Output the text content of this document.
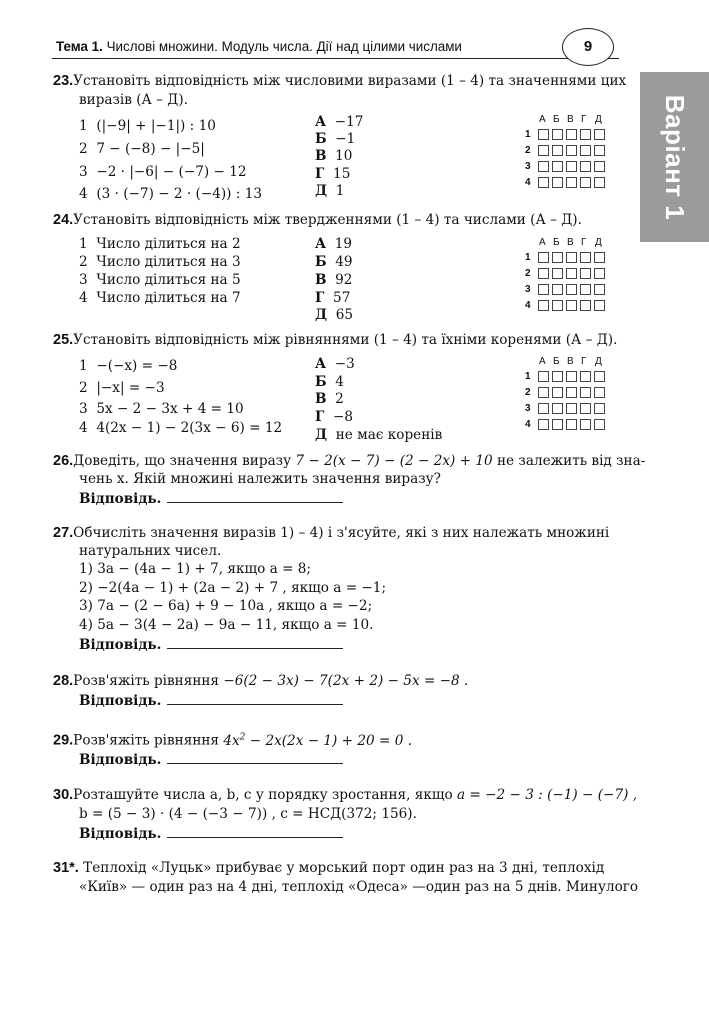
Тема 1. Числові множини. Модуль числа. Дії над цілими числами	9
Варіант 1
23.Установіть відповідність між числовими виразами (1 – 4) та значеннями цих
виразів (А – Д).
А Б В Г Д
1
2
3
4
24.Установіть відповідність між твердженнями (1 – 4) та числами (А – Д).
А Б В Г Д
1
2
3
4
25.Установіть відповідність між рівняннями (1 – 4) та їхніми коренями (А – Д).
А Б В Г Д
1
2
3
4
26.Доведіть, що значення виразу 7 − 2(x − 7) − (2 − 2x) + 10 не залежить від зна-
чень x. Якій множині належить значення виразу?
Відповідь.
27.Обчисліть значення виразів 1) – 4) і з'ясуйте, які з них належать множині
натуральних чисел.
1) 3a − (4a − 1) + 7, якщо a = 8;
2) −2(4a − 1) + (2a − 2) + 7 , якщо a = −1;
3) 7a − (2 − 6a) + 9 − 10a , якщо a = −2;
4) 5a − 3(4 − 2a) − 9a − 11, якщо a = 10.
Відповідь.
28.Розв'яжіть рівняння −6(2 − 3x) − 7(2x + 2) − 5x = −8 .
Відповідь.
29.Розв'яжіть рівняння $4x^2 - 2x(2x - 1) + 20 = 0$ .
Відповідь.
30.Розташуйте числа a, b, c у порядку зростання, якщо a = −2 − 3 : (−1) − (−7) ,
b = (5 − 3) · (4 − (−3 − 7)) , c = НСД(372; 156).
Відповідь.
31*. Теплохід «Луцьк» прибуває у морський порт один раз на 3 дні, теплохід
«Київ» — один раз на 4 дні, теплохід «Одеса» —один раз на 5 днів. Минулого
1 (|−9| + |−1|) : 10
2 7 − (−8) − |−5|
3 −2 · |−6| − (−7) − 12
4 (3 · (−7) − 2 · (−4)) : 13
А −17
Б −1
В 10
Г 15
Д 1
1 Число ділиться на 2
2 Число ділиться на 3
3 Число ділиться на 5
4 Число ділиться на 7
А 19
Б 49
В 92
Г 57
Д 65
1 −(−x) = −8
2 |−x| = −3
3 5x − 2 − 3x + 4 = 10
4 4(2x − 1) − 2(3x − 6) = 12
А −3
Б 4
В 2
Г −8
Д не має коренів
